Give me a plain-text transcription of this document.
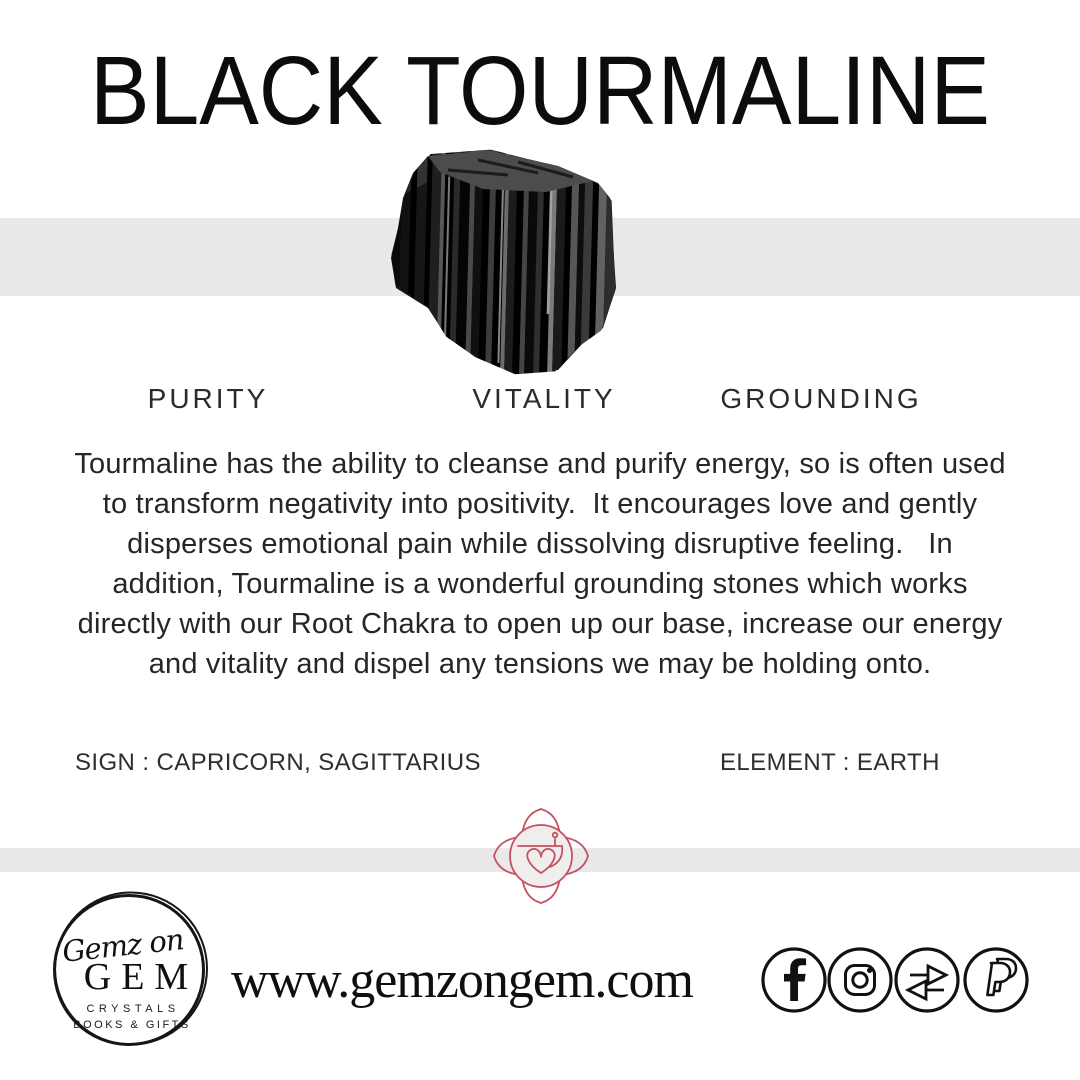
BLACK TOURMALINE
PURITY	VITALITY	GROUNDING
Tourmaline has the ability to cleanse and purify energy, so is often used to transform negativity into positivity.  It encourages love and gently disperses emotional pain while dissolving disruptive feeling.   In addition, Tourmaline is a wonderful grounding stones which works directly with our Root Chakra to open up our base, increase our energy and vitality and dispel any tensions we may be holding onto.
SIGN : CAPRICORN, SAGITTARIUS	ELEMENT : EARTH
Gemz on
GEM
CRYSTALS
BOOKS & GIFTS
www.gemzongem.com
